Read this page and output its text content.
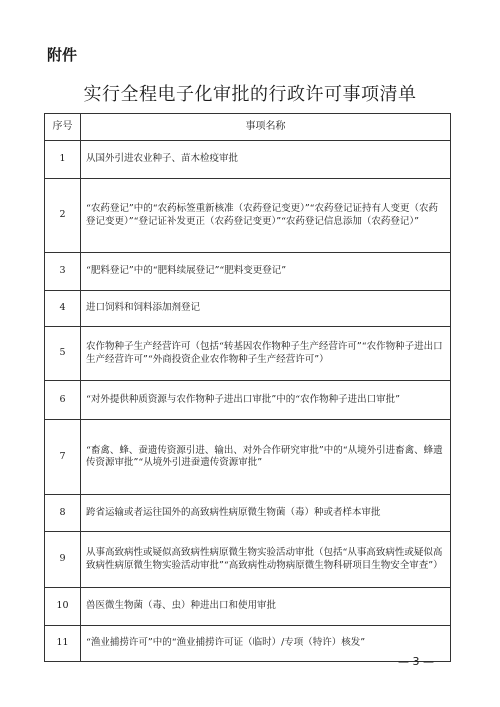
附件
实行全程电子化审批的行政许可事项清单
序号	事项名称
1	从国外引进农业种子、苗木检疫审批
2	“农药登记”中的“农药标签重新核准（农药登记变更）”“农药登记证持有人变更（农药登记变更）”“登记证补发更正（农药登记变更）”“农药登记信息添加（农药登记）”
3	“肥料登记”中的“肥料续展登记”“肥料变更登记”
4	进口饲料和饲料添加剂登记
5	农作物种子生产经营许可（包括“转基因农作物种子生产经营许可”“农作物种子进出口生产经营许可”“外商投资企业农作物种子生产经营许可”）
6	“对外提供种质资源与农作物种子进出口审批”中的“农作物种子进出口审批”
7	“畜禽、蜂、蚕遗传资源引进、输出、对外合作研究审批”中的“从境外引进畜禽、蜂遗传资源审批”“从境外引进蚕遗传资源审批”
8	跨省运输或者运往国外的高致病性病原微生物菌（毒）种或者样本审批
9	从事高致病性或疑似高致病性病原微生物实验活动审批（包括“从事高致病性或疑似高致病性病原微生物实验活动审批”“高致病性动物病原微生物科研项目生物安全审查”）
10	兽医微生物菌（毒、虫）种进出口和使用审批
11	“渔业捕捞许可”中的“渔业捕捞许可证（临时）/专项（特许）核发”
— 3 —
